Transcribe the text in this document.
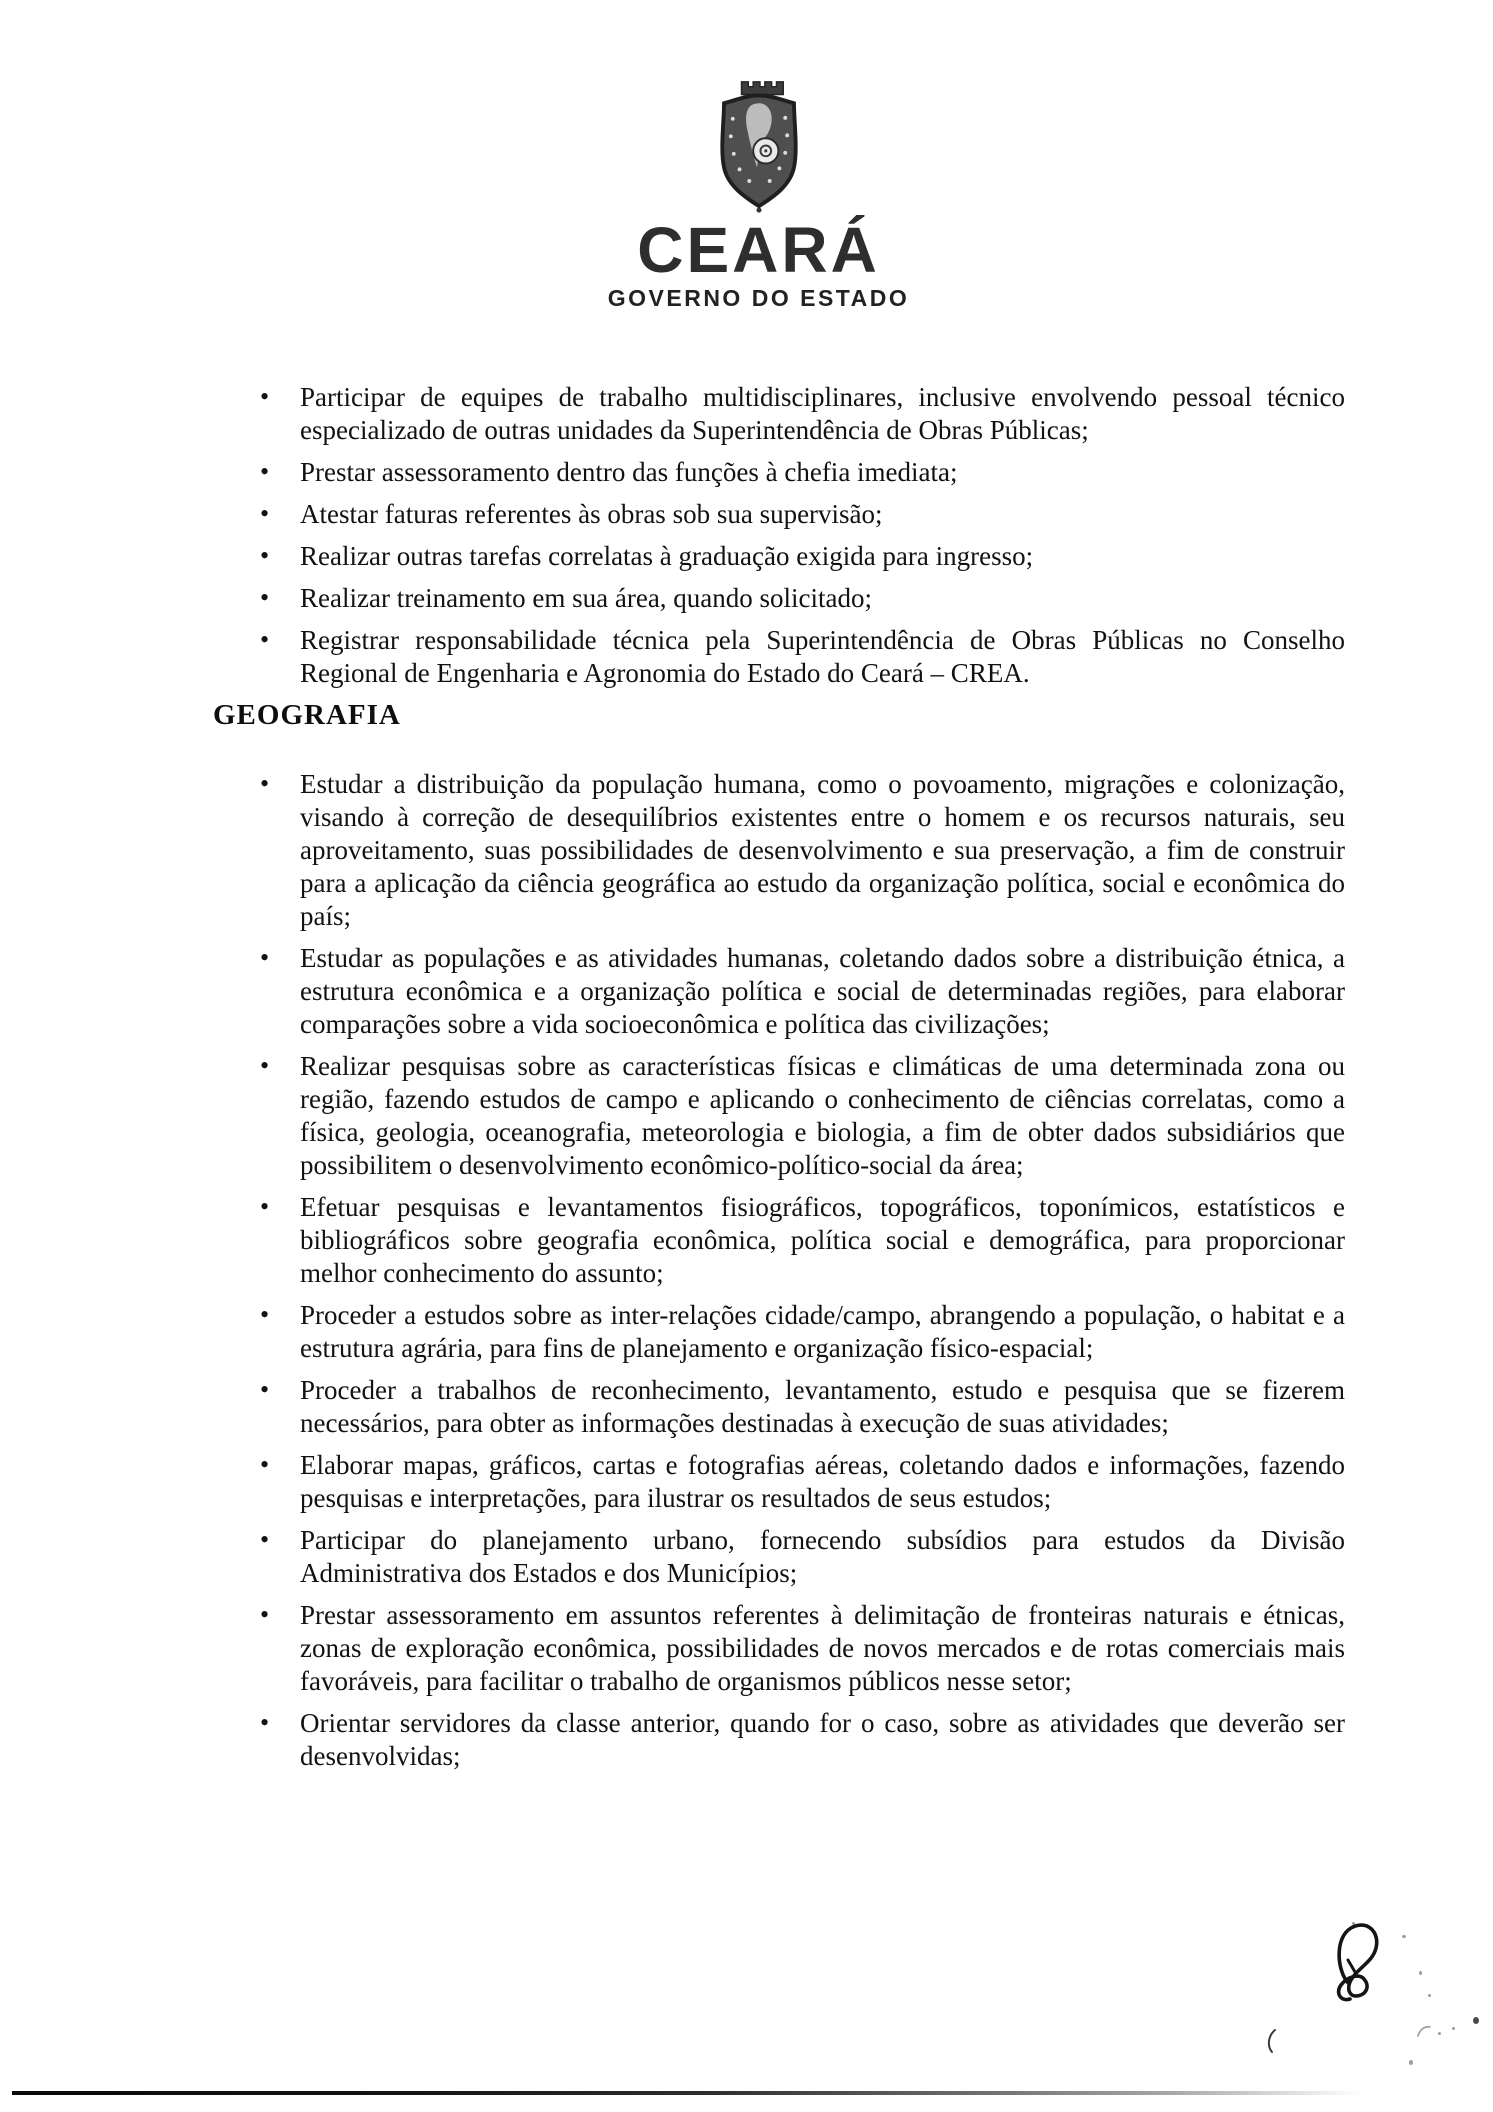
CEARÁ
GOVERNO DO ESTADO
• Participar de equipes de trabalho multidisciplinares, inclusive envolvendo pessoal técnico especializado de outras unidades da Superintendência de Obras Públicas;
• Prestar assessoramento dentro das funções à chefia imediata;
• Atestar faturas referentes às obras sob sua supervisão;
• Realizar outras tarefas correlatas à graduação exigida para ingresso;
• Realizar treinamento em sua área, quando solicitado;
• Registrar responsabilidade técnica pela Superintendência de Obras Públicas no Conselho Regional de Engenharia e Agronomia do Estado do Ceará – CREA.
GEOGRAFIA
• Estudar a distribuição da população humana, como o povoamento, migrações e colonização, visando à correção de desequilíbrios existentes entre o homem e os recursos naturais, seu aproveitamento, suas possibilidades de desenvolvimento e sua preservação, a fim de construir para a aplicação da ciência geográfica ao estudo da organização política, social e econômica do país;
• Estudar as populações e as atividades humanas, coletando dados sobre a distribuição étnica, a estrutura econômica e a organização política e social de determinadas regiões, para elaborar comparações sobre a vida socioeconômica e política das civilizações;
• Realizar pesquisas sobre as características físicas e climáticas de uma determinada zona ou região, fazendo estudos de campo e aplicando o conhecimento de ciências correlatas, como a física, geologia, oceanografia, meteorologia e biologia, a fim de obter dados subsidiários que possibilitem o desenvolvimento econômico-político-social da área;
• Efetuar pesquisas e levantamentos fisiográficos, topográficos, toponímicos, estatísticos e bibliográficos sobre geografia econômica, política social e demográfica, para proporcionar melhor conhecimento do assunto;
• Proceder a estudos sobre as inter-relações cidade/campo, abrangendo a população, o habitat e a estrutura agrária, para fins de planejamento e organização físico-espacial;
• Proceder a trabalhos de reconhecimento, levantamento, estudo e pesquisa que se fizerem necessários, para obter as informações destinadas à execução de suas atividades;
• Elaborar mapas, gráficos, cartas e fotografias aéreas, coletando dados e informações, fazendo pesquisas e interpretações, para ilustrar os resultados de seus estudos;
• Participar do planejamento urbano, fornecendo subsídios para estudos da Divisão Administrativa dos Estados e dos Municípios;
• Prestar assessoramento em assuntos referentes à delimitação de fronteiras naturais e étnicas, zonas de exploração econômica, possibilidades de novos mercados e de rotas comerciais mais favoráveis, para facilitar o trabalho de organismos públicos nesse setor;
• Orientar servidores da classe anterior, quando for o caso, sobre as atividades que deverão ser desenvolvidas;
